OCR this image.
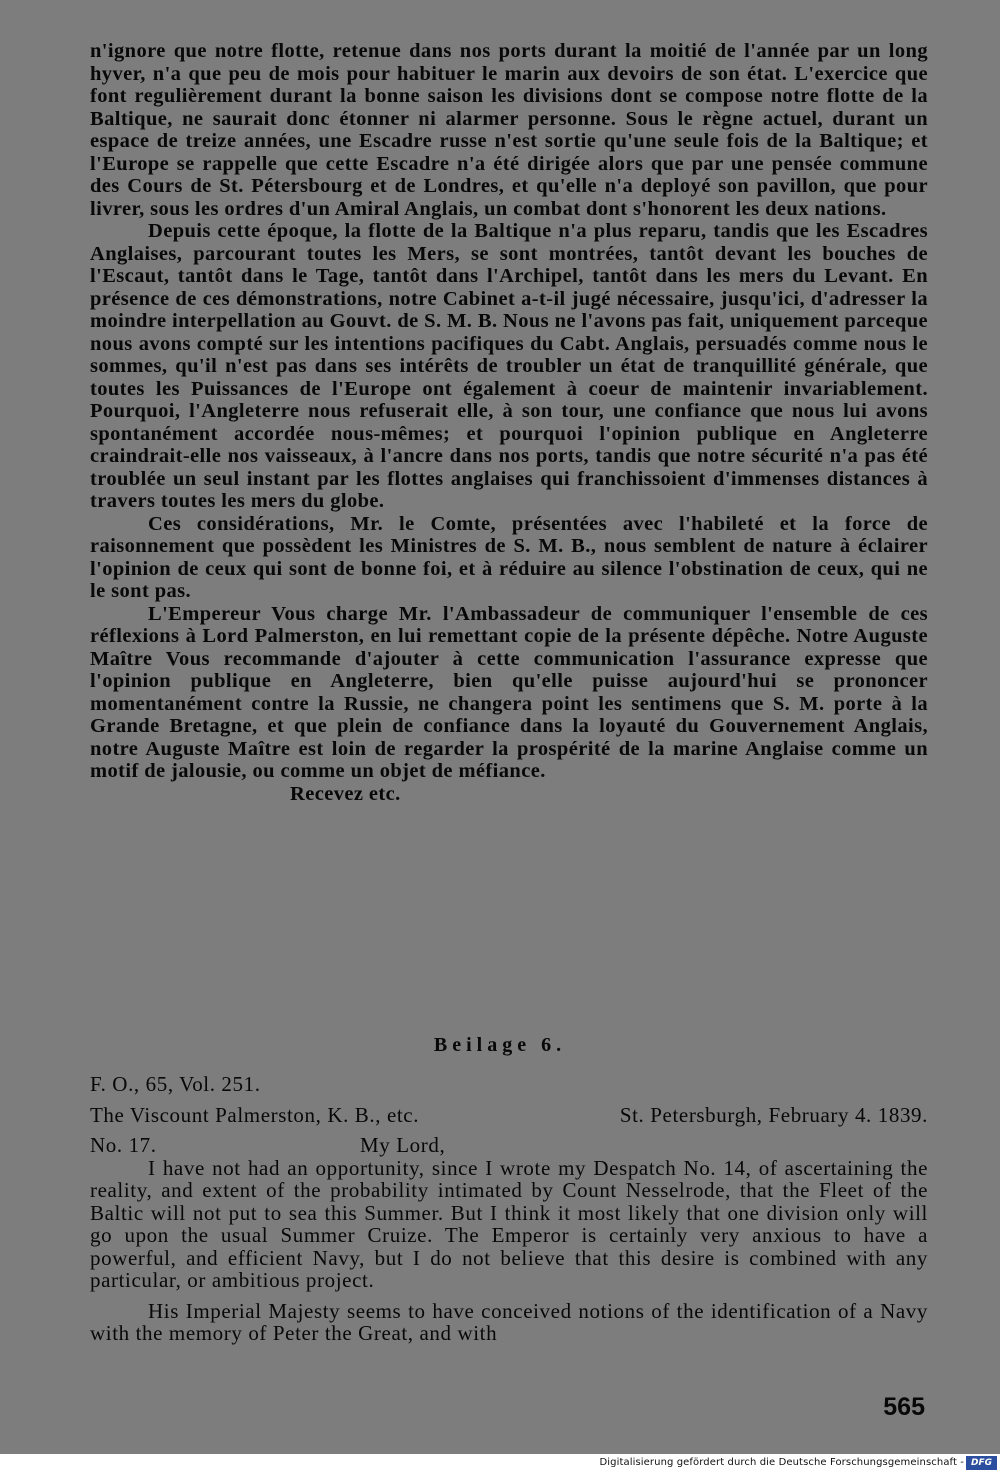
n'ignore que notre flotte, retenue dans nos ports durant la moitié de l'année par un long hyver, n'a que peu de mois pour habituer le marin aux devoirs de son état. L'exercice que font regulièrement durant la bonne saison les divisions dont se compose notre flotte de la Baltique, ne saurait donc étonner ni alarmer personne. Sous le règne actuel, durant un espace de treize années, une Escadre russe n'est sortie qu'une seule fois de la Baltique; et l'Europe se rappelle que cette Escadre n'a été dirigée alors que par une pensée commune des Cours de St. Pétersbourg et de Londres, et qu'elle n'a deployé son pavillon, que pour livrer, sous les ordres d'un Amiral Anglais, un combat dont s'honorent les deux nations.

Depuis cette époque, la flotte de la Baltique n'a plus reparu, tandis que les Escadres Anglaises, parcourant toutes les Mers, se sont montrées, tantôt devant les bouches de l'Escaut, tantôt dans le Tage, tantôt dans l'Archipel, tantôt dans les mers du Levant. En présence de ces démonstrations, notre Cabinet a-t-il jugé nécessaire, jusqu'ici, d'adresser la moindre interpellation au Gouvt. de S. M. B. Nous ne l'avons pas fait, uniquement parceque nous avons compté sur les intentions pacifiques du Cabt. Anglais, persuadés comme nous le sommes, qu'il n'est pas dans ses intérêts de troubler un état de tranquillité générale, que toutes les Puissances de l'Europe ont également à coeur de maintenir invariablement. Pourquoi, l'Angleterre nous refuserait elle, à son tour, une confiance que nous lui avons spontanément accordée nous-mêmes; et pourquoi l'opinion publique en Angleterre craindrait-elle nos vaisseaux, à l'ancre dans nos ports, tandis que notre sécurité n'a pas été troublée un seul instant par les flottes anglaises qui franchissoient d'immenses distances à travers toutes les mers du globe.

Ces considérations, Mr. le Comte, présentées avec l'habileté et la force de raisonnement que possèdent les Ministres de S. M. B., nous semblent de nature à éclairer l'opinion de ceux qui sont de bonne foi, et à réduire au silence l'obstination de ceux, qui ne le sont pas.

L'Empereur Vous charge Mr. l'Ambassadeur de communiquer l'ensemble de ces réflexions à Lord Palmerston, en lui remettant copie de la présente dépêche. Notre Auguste Maître Vous recommande d'ajouter à cette communication l'assurance expresse que l'opinion publique en Angleterre, bien qu'elle puisse aujourd'hui se prononcer momentanément contre la Russie, ne changera point les sentimens que S. M. porte à la Grande Bretagne, et que plein de confiance dans la loyauté du Gouvernement Anglais, notre Auguste Maître est loin de regarder la prospérité de la marine Anglaise comme un motif de jalousie, ou comme un objet de méfiance.

Recevez etc.

Beilage 6.
F. O., 65, Vol. 251.
The Viscount Palmerston, K. B., etc.	St. Petersburgh, February 4. 1839.
No. 17.	My Lord,

I have not had an opportunity, since I wrote my Despatch No. 14, of ascertaining the reality, and extent of the probability intimated by Count Nesselrode, that the Fleet of the Baltic will not put to sea this Summer. But I think it most likely that one division only will go upon the usual Summer Cruize. The Emperor is certainly very anxious to have a powerful, and efficient Navy, but I do not believe that this desire is combined with any particular, or ambitious project.

His Imperial Majesty seems to have conceived notions of the identification of a Navy with the memory of Peter the Great, and with

565
Digitalisierung gefördert durch die Deutsche Forschungsgemeinschaft - DFG
